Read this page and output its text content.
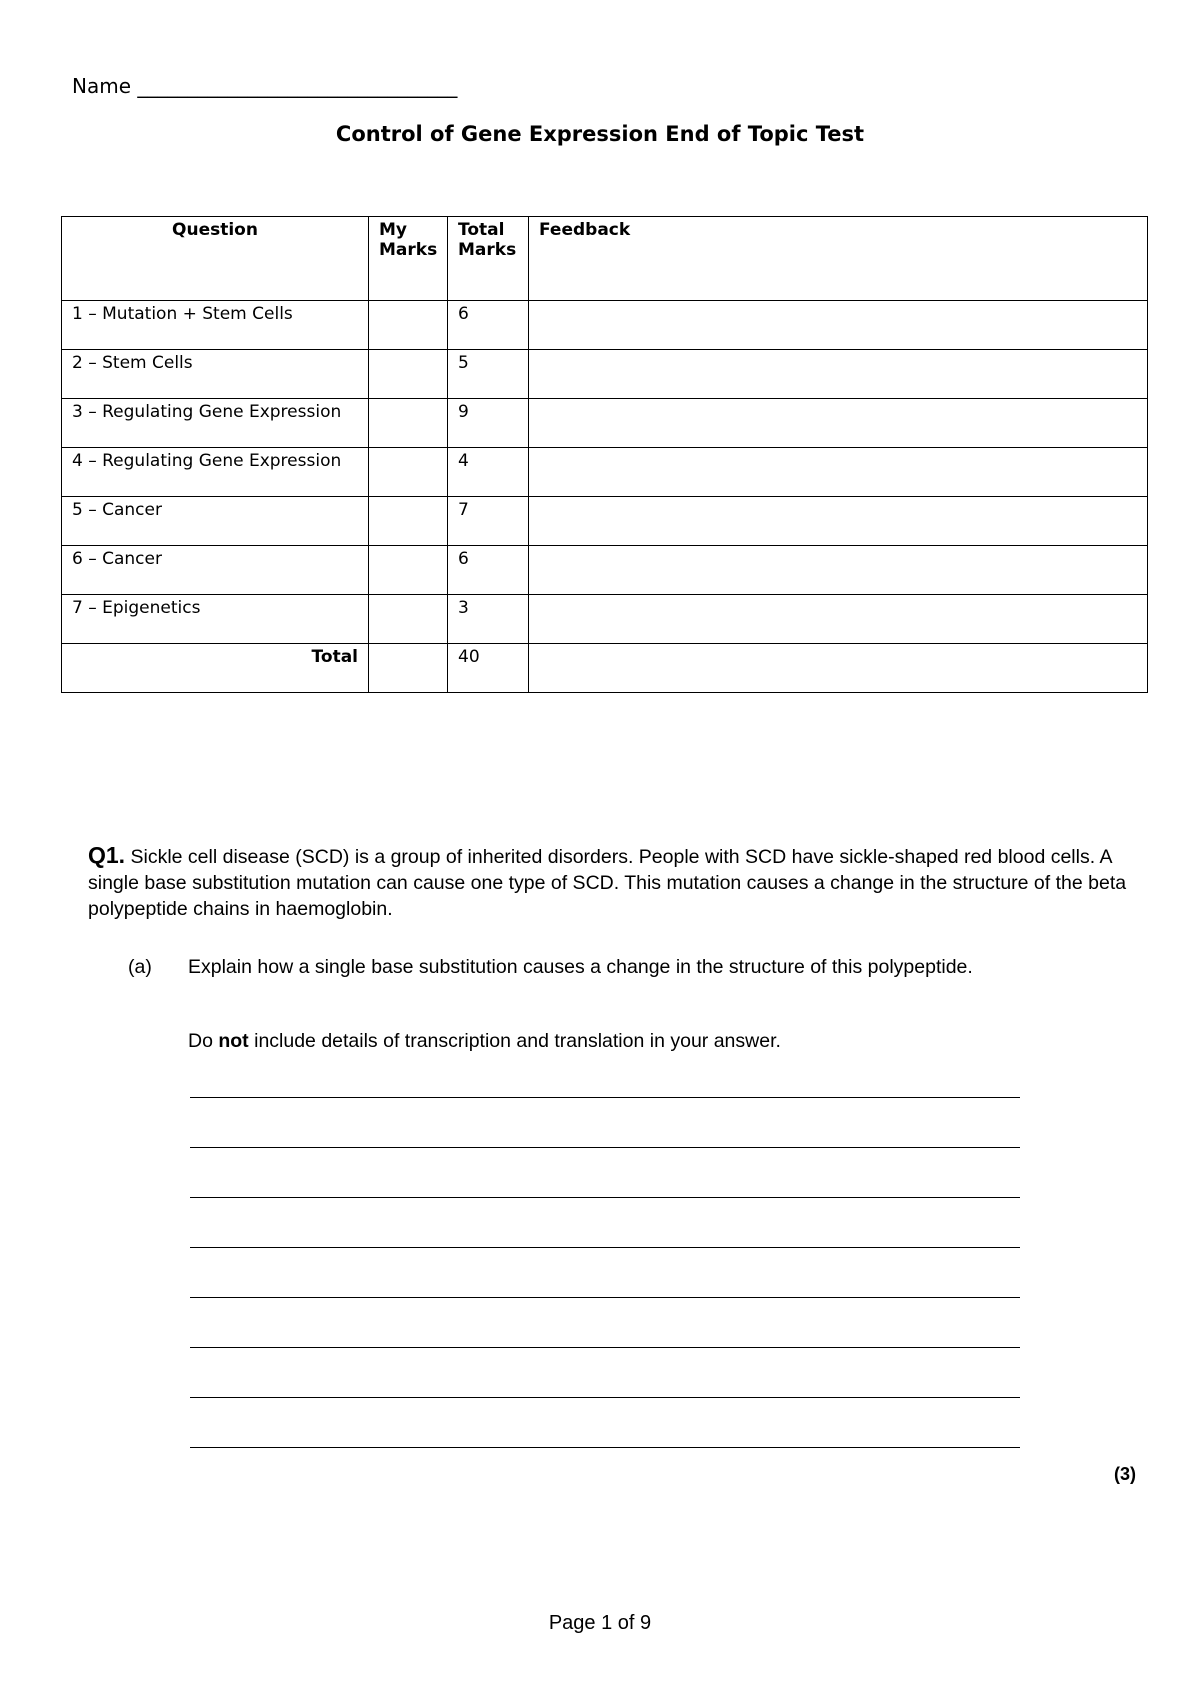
Name ________________________________
Control of Gene Expression End of Topic Test
Question	My Marks	Total Marks	Feedback
1 – Mutation + Stem Cells		6	
2 – Stem Cells		5	
3 – Regulating Gene Expression		9	
4 – Regulating Gene Expression		4	
5 – Cancer		7	
6 – Cancer		6	
7 – Epigenetics		3	
Total		40	
Q1. Sickle cell disease (SCD) is a group of inherited disorders. People with SCD have sickle-shaped red blood cells. A single base substitution mutation can cause one type of SCD. This mutation causes a change in the structure of the beta polypeptide chains in haemoglobin.
(a) Explain how a single base substitution causes a change in the structure of this polypeptide.
Do not include details of transcription and translation in your answer.
(3)
Page 1 of 9
